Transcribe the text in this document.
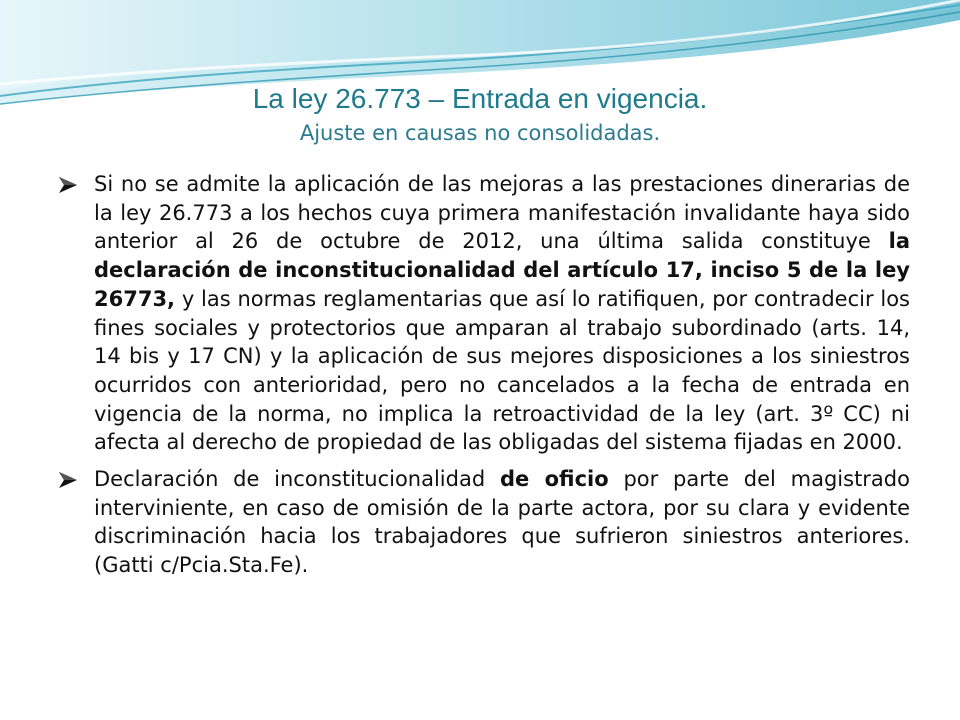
La ley 26.773 – Entrada en vigencia.
Ajuste en causas no consolidadas.
Si no se admite la aplicación de las mejoras a las prestaciones dinerarias de la ley 26.773 a los hechos cuya primera manifestación invalidante haya sido anterior al 26 de octubre de 2012, una última salida constituye la declaración de inconstitucionalidad del artículo 17, inciso 5 de la ley 26773, y las normas reglamentarias que así lo ratifiquen, por contradecir los fines sociales y protectorios que amparan al trabajo subordinado (arts. 14, 14 bis y 17 CN) y la aplicación de sus mejores disposiciones a los siniestros ocurridos con anterioridad, pero no cancelados a la fecha de entrada en vigencia de la norma, no implica la retroactividad de la ley (art. 3º CC) ni afecta al derecho de propiedad de las obligadas del sistema fijadas en 2000.
Declaración de inconstitucionalidad de oficio por parte del magistrado interviniente, en caso de omisión de la parte actora, por su clara y evidente discriminación hacia los trabajadores que sufrieron siniestros anteriores.(Gatti c/Pcia.Sta.Fe).
